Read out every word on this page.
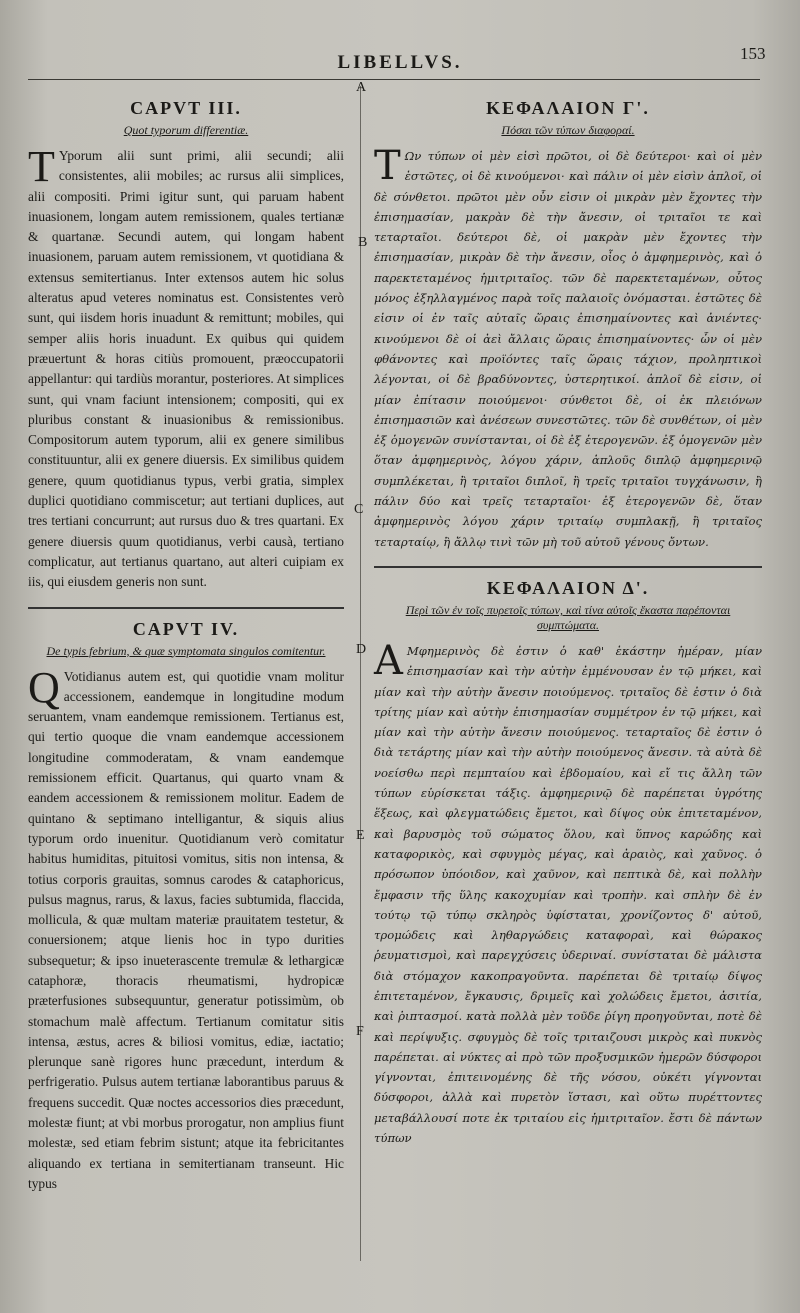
LIBELLVS.	153
A
B
C
D
E
F
CAPVT III.
Quot typorum differentiæ.

T Yporum alii sunt primi, alii secundi; alii consistentes, alii mobiles; ac rursus alii simplices, alii compositi. Primi igitur sunt, qui paruam habent inuasionem, longam autem remissionem, quales tertianæ & quartanæ. Secundi autem, qui longam habent inuasionem, paruam autem remissionem, vt quotidiana & extensus semitertianus. Inter extensos autem hic solus alteratus apud veteres nominatus est. Consistentes verò sunt, qui iisdem horis inuadunt & remittunt; mobiles, qui semper aliis horis inuadunt. Ex quibus qui quidem præuertunt & horas citiùs promouent, præoccupatorii appellantur: qui tardiùs morantur, posteriores. At simplices sunt, qui vnam faciunt intensionem; compositi, qui ex pluribus constant & inuasionibus & remissionibus. Compositorum autem typorum, alii ex genere similibus constituuntur, alii ex genere diuersis. Ex similibus quidem genere, quum quotidianus typus, verbi gratia, simplex duplici quotidiano commiscetur; aut tertiani duplices, aut tres tertiani concurrunt; aut rursus duo & tres quartani. Ex genere diuersis quum quotidianus, verbi causà, tertiano complicatur, aut tertianus quartano, aut alteri cuipiam ex iis, qui eiusdem generis non sunt.

CAPVT IV.
De typis febrium, & quæ symptomata singulos comitentur.

Q Votidianus autem est, qui quotidie vnam molitur accessionem, eandemque in longitudine modum seruantem, vnam eandemque remissionem. Tertianus est, qui tertio quoque die vnam eandemque accessionem longitudine commoderatam, & vnam eandemque remissionem efficit. Quartanus, qui quarto vnam & eandem accessionem & remissionem molitur. Eadem de quintano & septimano intelligantur, & siquis alius typorum ordo inuenitur. Quotidianum verò comitatur habitus humiditas, pituitosi vomitus, sitis non intensa, & totius corporis grauitas, somnus carodes & cataphoricus, pulsus magnus, rarus, & laxus, facies subtumida, flaccida, mollicula, & quæ multam materiæ prauitatem testetur, & conuersionem; atque lienis hoc in typo durities subsequetur; & ipso inueterascente tremulæ & lethargicæ cataphoræ, thoracis rheumatismi, hydropicæ præterfusiones subsequuntur, generatur potissimùm, ob stomachum malè affectum. Tertianum comitatur sitis intensa, æstus, acres & biliosi vomitus, ediæ, iactatio; plerunque sanè rigores hunc præcedunt, interdum & perfrigeratio. Pulsus autem tertianæ laborantibus paruus & frequens succedit. Quæ noctes accessorios dies præcedunt, molestæ fiunt; at vbi morbus prorogatur, non amplius fiunt molestæ, sed etiam febrim sistunt; atque ita febricitantes aliquando ex tertiana in semitertianam transeunt. Hic typus

ΚΕΦΑΛΑΙΟΝ Γ'.
Πόσαι τῶν τύπων διαφοραί.

Τ Ων τύπων οἱ μὲν εἰσὶ πρῶτοι, οἱ δὲ δεύτεροι· καὶ οἱ μὲν ἑστῶτες, οἱ δὲ κινούμενοι· καὶ πάλιν οἱ μὲν εἰσὶν ἁπλοῖ, οἱ δὲ σύνθετοι. πρῶτοι μὲν οὖν εἰσιν οἱ μικρὰν μὲν ἔχοντες τὴν ἐπισημασίαν, μακρὰν δὲ τὴν ἄνεσιν, οἱ τριταῖοι τε καὶ τεταρταῖοι. δεύτεροι δὲ, οἱ μακρὰν μὲν ἔχοντες τὴν ἐπισημασίαν, μικρὰν δὲ τὴν ἄνεσιν, οἷος ὁ ἀμφημερινὸς, καὶ ὁ παρεκτεταμένος ἡμιτριταῖος. τῶν δὲ παρεκτεταμένων, οὗτος μόνος ἐξηλλαγμένος παρὰ τοῖς παλαιοῖς ὀνόμασται. ἑστῶτες δὲ εἰσιν οἱ ἐν ταῖς αὐταῖς ὥραις ἐπισημαίνοντες καὶ ἀνιέντες· κινούμενοι δὲ οἱ ἀεὶ ἄλλαις ὥραις ἐπισημαίνοντες· ὧν οἱ μὲν φθάνοντες καὶ προϊόντες ταῖς ὥραις τάχιον, προληπτικοὶ λέγονται, οἱ δὲ βραδύνοντες, ὑστερητικοί. ἁπλοῖ δὲ εἰσιν, οἱ μίαν ἐπίτασιν ποιούμενοι· σύνθετοι δὲ, οἱ ἐκ πλειόνων ἐπισημασιῶν καὶ ἀνέσεων συνεστῶτες. τῶν δὲ συνθέτων, οἱ μὲν ἐξ ὁμογενῶν συνίστανται, οἱ δὲ ἐξ ἑτερογενῶν. ἐξ ὁμογενῶν μὲν ὅταν ἀμφημερινὸς, λόγου χάριν, ἁπλοῦς διπλῷ ἀμφημερινῷ συμπλέκεται, ἢ τριταῖοι διπλοῖ, ἢ τρεῖς τριταῖοι τυγχάνωσιν, ἢ πάλιν δύο καὶ τρεῖς τεταρταῖοι· ἐξ ἑτερογενῶν δὲ, ὅταν ἀμφημερινὸς λόγου χάριν τριταίῳ συμπλακῇ, ἢ τριταῖος τεταρταίῳ, ἢ ἄλλῳ τινὶ τῶν μὴ τοῦ αὐτοῦ γένους ὄντων.

ΚΕΦΑΛΑΙΟΝ Δ'.
Περὶ τῶν ἐν τοῖς πυρετοῖς τύπων, καὶ τίνα αὐτοῖς ἕκαστα παρέπονται συμπτώματα.

Α Μφημερινὸς δὲ ἐστιν ὁ καθ' ἑκάστην ἡμέραν, μίαν ἐπισημασίαν καὶ τὴν αὐτὴν ἐμμένουσαν ἐν τῷ μήκει, καὶ μίαν καὶ τὴν αὐτὴν ἄνεσιν ποιούμενος. τριταῖος δὲ ἐστιν ὁ διὰ τρίτης μίαν καὶ αὐτὴν ἐπισημασίαν συμμέτρον ἐν τῷ μήκει, καὶ μίαν καὶ τὴν αὐτὴν ἄνεσιν ποιούμενος. τεταρταῖος δὲ ἐστιν ὁ διὰ τετάρτης μίαν καὶ τὴν αὐτὴν ποιούμενος ἄνεσιν. τὰ αὐτὰ δὲ νοείσθω περὶ πεμπταίου καὶ ἑβδομαίου, καὶ εἴ τις ἄλλη τῶν τύπων εὑρίσκεται τάξις. ἀμφημερινῷ δὲ παρέπεται ὑγρότης ἕξεως, καὶ φλεγματώδεις ἔμετοι, καὶ δίψος οὐκ ἐπιτεταμένον, καὶ βαρυσμὸς τοῦ σώματος ὅλου, καὶ ὕπνος καρώδης καὶ καταφορικὸς, καὶ σφυγμὸς μέγας, καὶ ἀραιὸς, καὶ χαῦνος. ὁ πρόσωπον ὑπόοιδον, καὶ χαῦνον, καὶ πεπτικὰ δὲ, καὶ πολλὴν ἔμφασιν τῆς ὕλης κακοχυμίαν καὶ τροπὴν. καὶ σπλὴν δὲ ἐν τούτῳ τῷ τύπῳ σκληρὸς ὑφίσταται, χρονίζοντος δ' αὐτοῦ, τρομώδεις καὶ ληθαργώδεις καταφοραὶ, καὶ θώρακος ῥευματισμοὶ, καὶ παρεγχύσεις ὑδεριναί. συνίσταται δὲ μάλιστα διὰ στόμαχον κακοπραγοῦντα. παρέπεται δὲ τριταίῳ δίψος ἐπιτεταμένον, ἔγκαυσις, δριμεῖς καὶ χολώδεις ἔμετοι, ἀσιτία, καὶ ῥιπτασμοί. κατὰ πολλὰ μὲν τοῦδε ῥίγη προηγοῦνται, ποτὲ δὲ καὶ περίψυξις. σφυγμὸς δὲ τοῖς τριταιζουσι μικρὸς καὶ πυκνὸς παρέπεται. αἱ νύκτες αἱ πρὸ τῶν προξυσμικῶν ἡμερῶν δύσφοροι γίγνονται, ἐπιτεινομένης δὲ τῆς νόσου, οὐκέτι γίγνονται δύσφοροι, ἀλλὰ καὶ πυρετὸν ἵστασι, καὶ οὕτω πυρέττοντες μεταβάλλουσί ποτε ἐκ τριταίου εἰς ἡμιτριταῖον. ἔστι δὲ πάντων τύπων
